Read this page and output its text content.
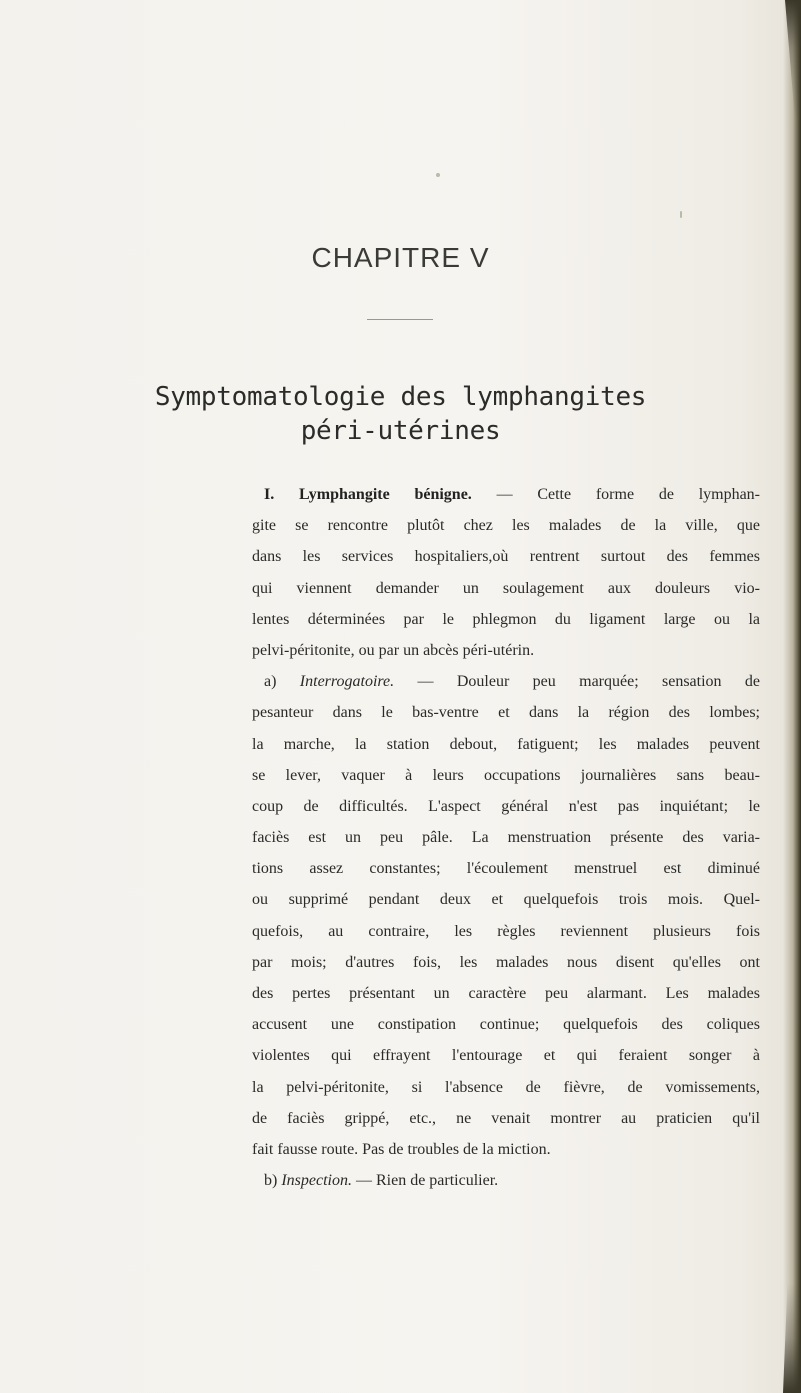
CHAPITRE V
Symptomatologie des lymphangites
péri-utérines
I. Lymphangite bénigne. — Cette forme de lymphan-
gite se rencontre plutôt chez les malades de la ville, que
dans les services hospitaliers,où rentrent surtout des femmes
qui viennent demander un soulagement aux douleurs vio-
lentes déterminées par le phlegmon du ligament large ou la
pelvi-péritonite, ou par un abcès péri-utérin.
a) Interrogatoire. — Douleur peu marquée; sensation de
pesanteur dans le bas-ventre et dans la région des lombes;
la marche, la station debout, fatiguent; les malades peuvent
se lever, vaquer à leurs occupations journalières sans beau-
coup de difficultés. L'aspect général n'est pas inquiétant; le
faciès est un peu pâle. La menstruation présente des varia-
tions assez constantes; l'écoulement menstruel est diminué
ou supprimé pendant deux et quelquefois trois mois. Quel-
quefois, au contraire, les règles reviennent plusieurs fois
par mois; d'autres fois, les malades nous disent qu'elles ont
des pertes présentant un caractère peu alarmant. Les malades
accusent une constipation continue; quelquefois des coliques
violentes qui effrayent l'entourage et qui feraient songer à
la pelvi-péritonite, si l'absence de fièvre, de vomissements,
de faciès grippé, etc., ne venait montrer au praticien qu'il
fait fausse route. Pas de troubles de la miction.
b) Inspection. — Rien de particulier.
